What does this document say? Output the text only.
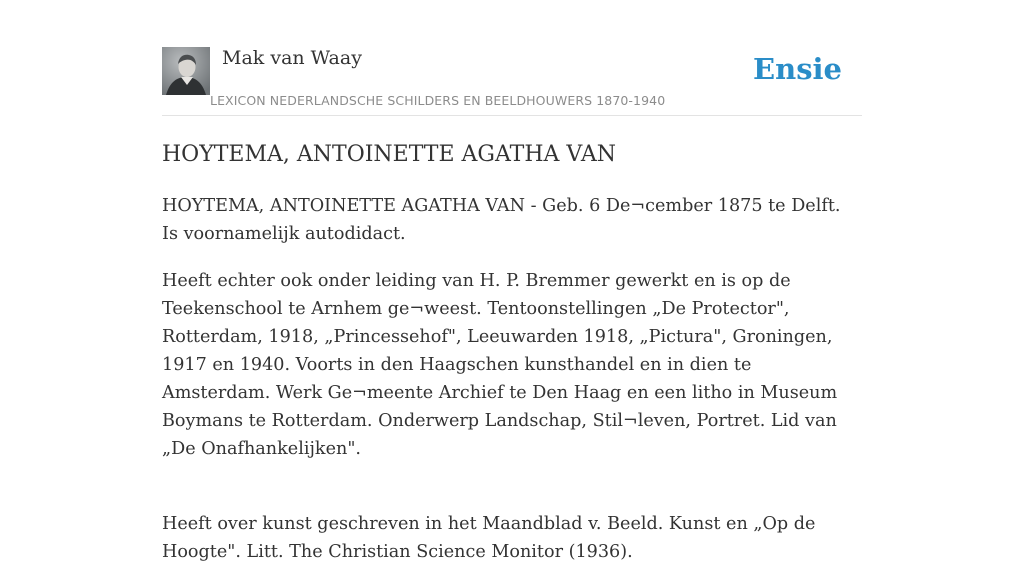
Mak van Waay
LEXICON NEDERLANDSCHE SCHILDERS EN BEELDHOUWERS 1870-1940
Ensie
HOYTEMA, ANTOINETTE AGATHA VAN

HOYTEMA, ANTOINETTE AGATHA VAN - Geb. 6 De¬cember 1875 te Delft. Is voornamelijk autodidact.

Heeft echter ook onder leiding van H. P. Bremmer gewerkt en is op de Teekenschool te Arnhem ge¬weest. Tentoonstellingen „De Protector", Rotterdam, 1918, „Princessehof", Leeuwarden 1918, „Pictura", Groningen, 1917 en 1940. Voorts in den Haagschen kunsthandel en in dien te Amsterdam. Werk Ge¬meente Archief te Den Haag en een litho in Museum Boymans te Rotterdam. Onderwerp Landschap, Stil¬leven, Portret. Lid van „De Onafhankelijken".

Heeft over kunst geschreven in het Maandblad v. Beeld. Kunst en „Op de Hoogte". Litt. The Christian Science Monitor (1936).
